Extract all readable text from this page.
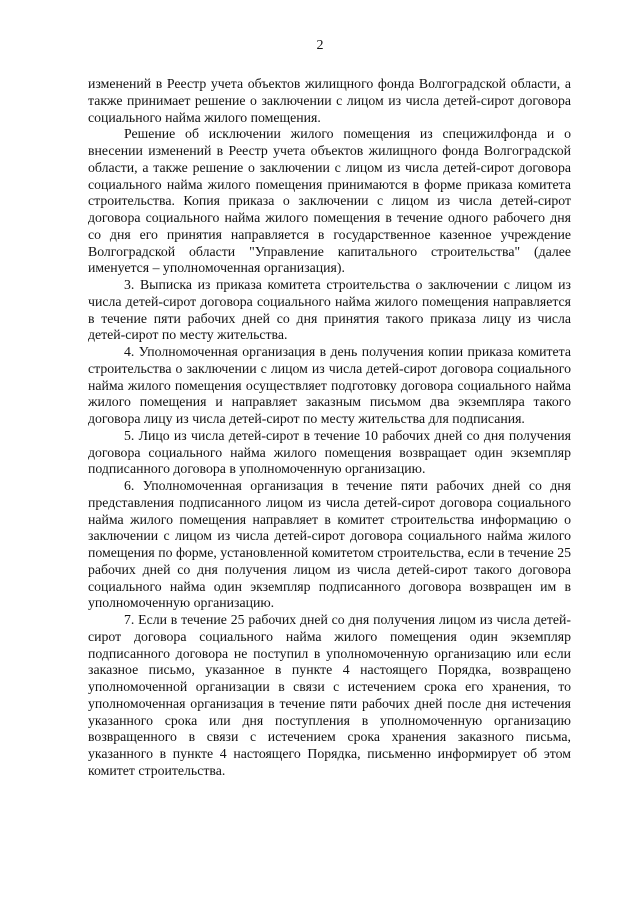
2

изменений в Реестр учета объектов жилищного фонда Волгоградской области, а также принимает решение о заключении с лицом из числа детей-сирот договора социального найма жилого помещения.

Решение об исключении жилого помещения из специжилфонда и о внесении изменений в Реестр учета объектов жилищного фонда Волгоградской области, а также решение о заключении с лицом из числа детей-сирот договора социального найма жилого помещения принимаются в форме приказа комитета строительства. Копия приказа о заключении с лицом из числа детей-сирот договора социального найма жилого помещения в течение одного рабочего дня со дня его принятия направляется в государственное казенное учреждение Волгоградской области "Управление капитального строительства" (далее именуется – уполномоченная организация).

3. Выписка из приказа комитета строительства о заключении с лицом из числа детей-сирот договора социального найма жилого помещения направляется в течение пяти рабочих дней со дня принятия такого приказа лицу из числа детей-сирот по месту жительства.

4. Уполномоченная организация в день получения копии приказа комитета строительства о заключении с лицом из числа детей-сирот договора социального найма жилого помещения осуществляет подготовку договора социального найма жилого помещения и направляет заказным письмом два экземпляра такого договора лицу из числа детей-сирот по месту жительства для подписания.

5. Лицо из числа детей-сирот в течение 10 рабочих дней со дня получения договора социального найма жилого помещения возвращает один экземпляр подписанного договора в уполномоченную организацию.

6. Уполномоченная организация в течение пяти рабочих дней со дня представления подписанного лицом из числа детей-сирот договора социального найма жилого помещения направляет в комитет строительства информацию о заключении с лицом из числа детей-сирот договора социального найма жилого помещения по форме, установленной комитетом строительства, если в течение 25 рабочих дней со дня получения лицом из числа детей-сирот такого договора социального найма один экземпляр подписанного договора возвращен им в уполномоченную организацию.

7. Если в течение 25 рабочих дней со дня получения лицом из числа детей-сирот договора социального найма жилого помещения один экземпляр подписанного договора не поступил в уполномоченную организацию или если заказное письмо, указанное в пункте 4 настоящего Порядка, возвращено уполномоченной организации в связи с истечением срока его хранения, то уполномоченная организация в течение пяти рабочих дней после дня истечения указанного срока или дня поступления в уполномоченную организацию возвращенного в связи с истечением срока хранения заказного письма, указанного в пункте 4 настоящего Порядка, письменно информирует об этом комитет строительства.
